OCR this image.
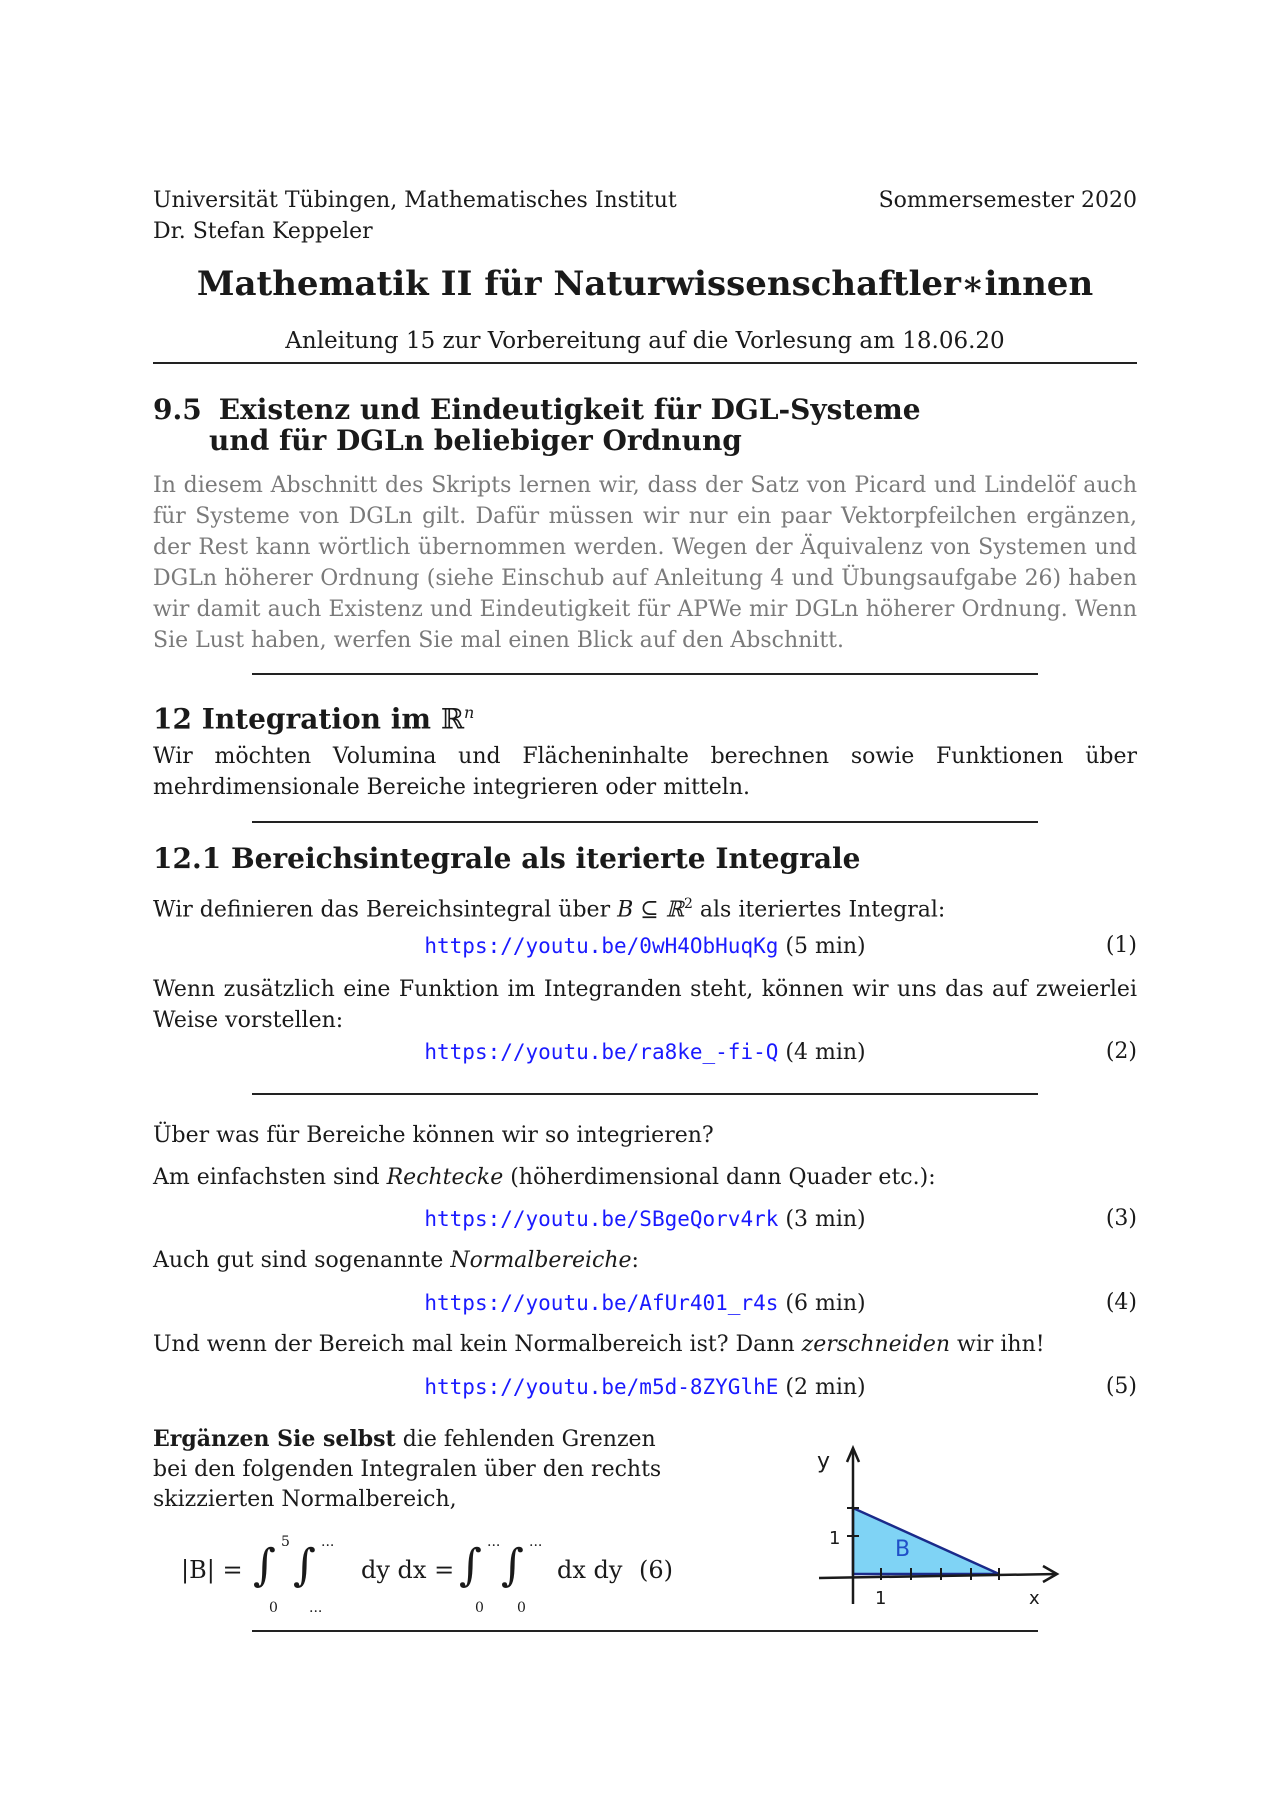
Universität Tübingen, Mathematisches Institut
Dr. Stefan Keppeler
Sommersemester 2020
Mathematik II für Naturwissenschaftler∗innen
Anleitung 15 zur Vorbereitung auf die Vorlesung am 18.06.20
9.5 Existenz und Eindeutigkeit für DGL-Systeme
und für DGLn beliebiger Ordnung

In diesem Abschnitt des Skripts lernen wir, dass der Satz von Picard und Lindelöf auch für Systeme von DGLn gilt. Dafür müssen wir nur ein paar Vektorpfeilchen ergänzen, der Rest kann wörtlich übernommen werden. Wegen der Äquivalenz von Systemen und DGLn höherer Ordnung (siehe Einschub auf Anleitung 4 und Übungsaufgabe 26) haben wir damit auch Existenz und Eindeutigkeit für APWe mir DGLn höherer Ordnung. Wenn Sie Lust haben, werfen Sie mal einen Blick auf den Abschnitt.

12 Integration im ℝ$^n$

Wir möchten Volumina und Flächeninhalte berechnen sowie Funktionen über mehrdimensionale Bereiche integrieren oder mitteln.

12.1 Bereichsintegrale als iterierte Integrale

Wir definieren das Bereichsintegral über B ⊆ ℝ$^2$ als iteriertes Integral:

https://youtu.be/0wH4ObHuqKg (5 min)	(1)

Wenn zusätzlich eine Funktion im Integranden steht, können wir uns das auf zweierlei Weise vorstellen:

https://youtu.be/ra8ke_-fi-Q (4 min)	(2)

Über was für Bereiche können wir so integrieren?

Am einfachsten sind Rechtecke (höherdimensional dann Quader etc.):

https://youtu.be/SBgeQorv4rk (3 min)	(3)

Auch gut sind sogenannte Normalbereiche:

https://youtu.be/AfUr401_r4s (6 min)	(4)

Und wenn der Bereich mal kein Normalbereich ist? Dann zerschneiden wir ihn!

https://youtu.be/m5d-8ZYGlhE (2 min)	(5)

Ergänzen Sie selbst die fehlenden Grenzen bei den folgenden Integralen über den rechts skizzierten Normalbereich,

|B| = ∫ 5
0
∫ ...
...
dy dx = ∫ ...
0
∫ ...
0
dx dy (6)
y
x
1
1
B
